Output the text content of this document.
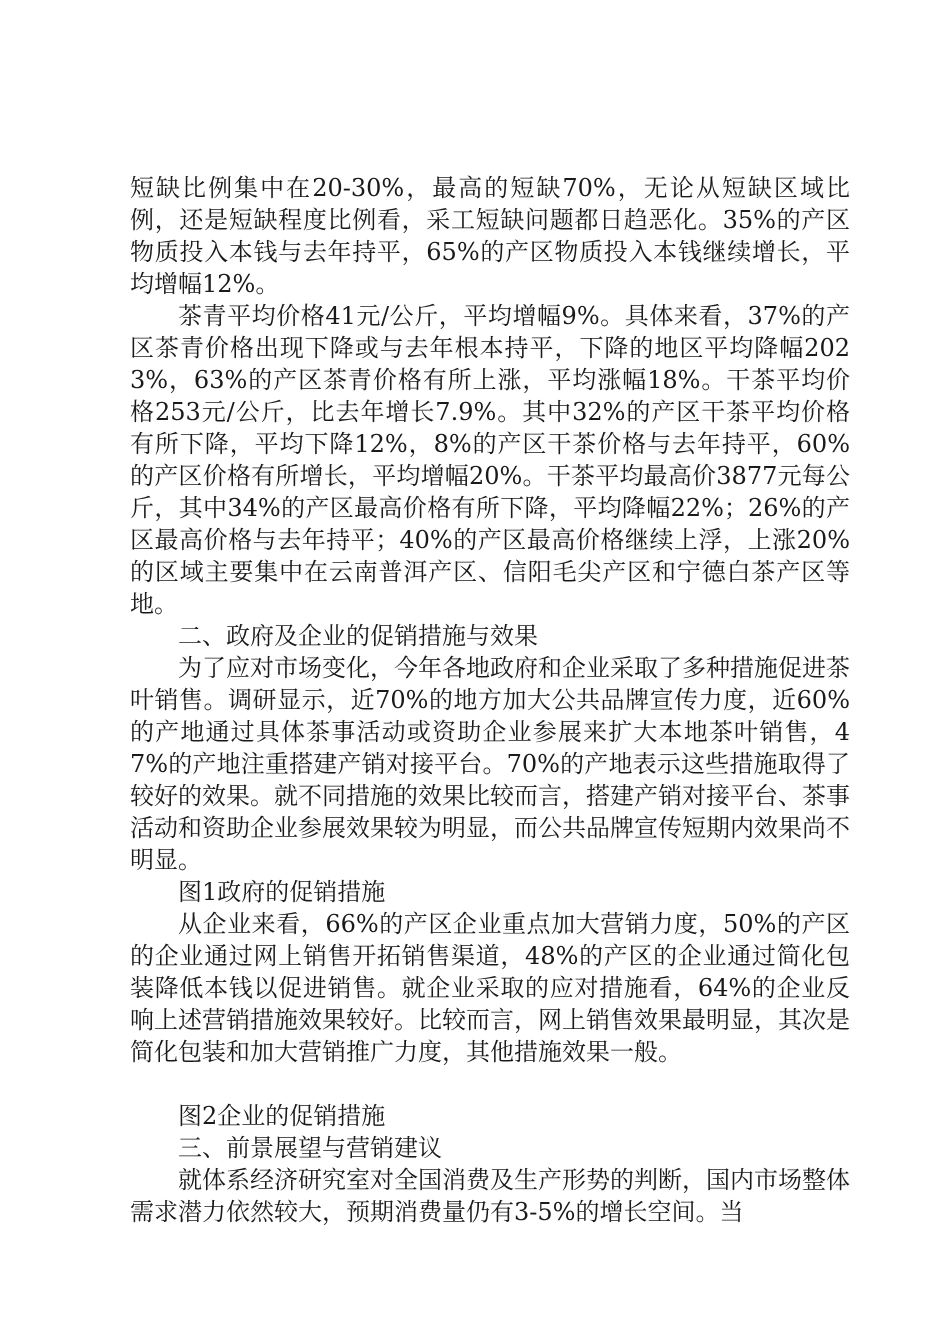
短缺比例集中在20-30%，最高的短缺70%，无论从短缺区域比例，还是短缺程度比例看，采工短缺问题都日趋恶化。35%的产区物质投入本钱与去年持平，65%的产区物质投入本钱继续增长，平均增幅12%。

茶青平均价格41元/公斤，平均增幅9%。具体来看，37%的产区茶青价格出现下降或与去年根本持平，下降的地区平均降幅2023%，63%的产区茶青价格有所上涨，平均涨幅18%。干茶平均价格253元/公斤，比去年增长7.9%。其中32%的产区干茶平均价格有所下降，平均下降12%，8%的产区干茶价格与去年持平，60%的产区价格有所增长，平均增幅20%。干茶平均最高价3877元每公斤，其中34%的产区最高价格有所下降，平均降幅22%；26%的产区最高价格与去年持平；40%的产区最高价格继续上浮，上涨20%的区域主要集中在云南普洱产区、信阳毛尖产区和宁德白茶产区等地。

二、政府及企业的促销措施与效果

为了应对市场变化，今年各地政府和企业采取了多种措施促进茶叶销售。调研显示，近70%的地方加大公共品牌宣传力度，近60%的产地通过具体茶事活动或资助企业参展来扩大本地茶叶销售，47%的产地注重搭建产销对接平台。70%的产地表示这些措施取得了较好的效果。就不同措施的效果比较而言，搭建产销对接平台、茶事活动和资助企业参展效果较为明显，而公共品牌宣传短期内效果尚不明显。

图1政府的促销措施

从企业来看，66%的产区企业重点加大营销力度，50%的产区的企业通过网上销售开拓销售渠道，48%的产区的企业通过简化包装降低本钱以促进销售。就企业采取的应对措施看，64%的企业反响上述营销措施效果较好。比较而言，网上销售效果最明显，其次是简化包装和加大营销推广力度，其他措施效果一般。

图2企业的促销措施

三、前景展望与营销建议

就体系经济研究室对全国消费及生产形势的判断，国内市场整体需求潜力依然较大，预期消费量仍有3-5%的增长空间。当
